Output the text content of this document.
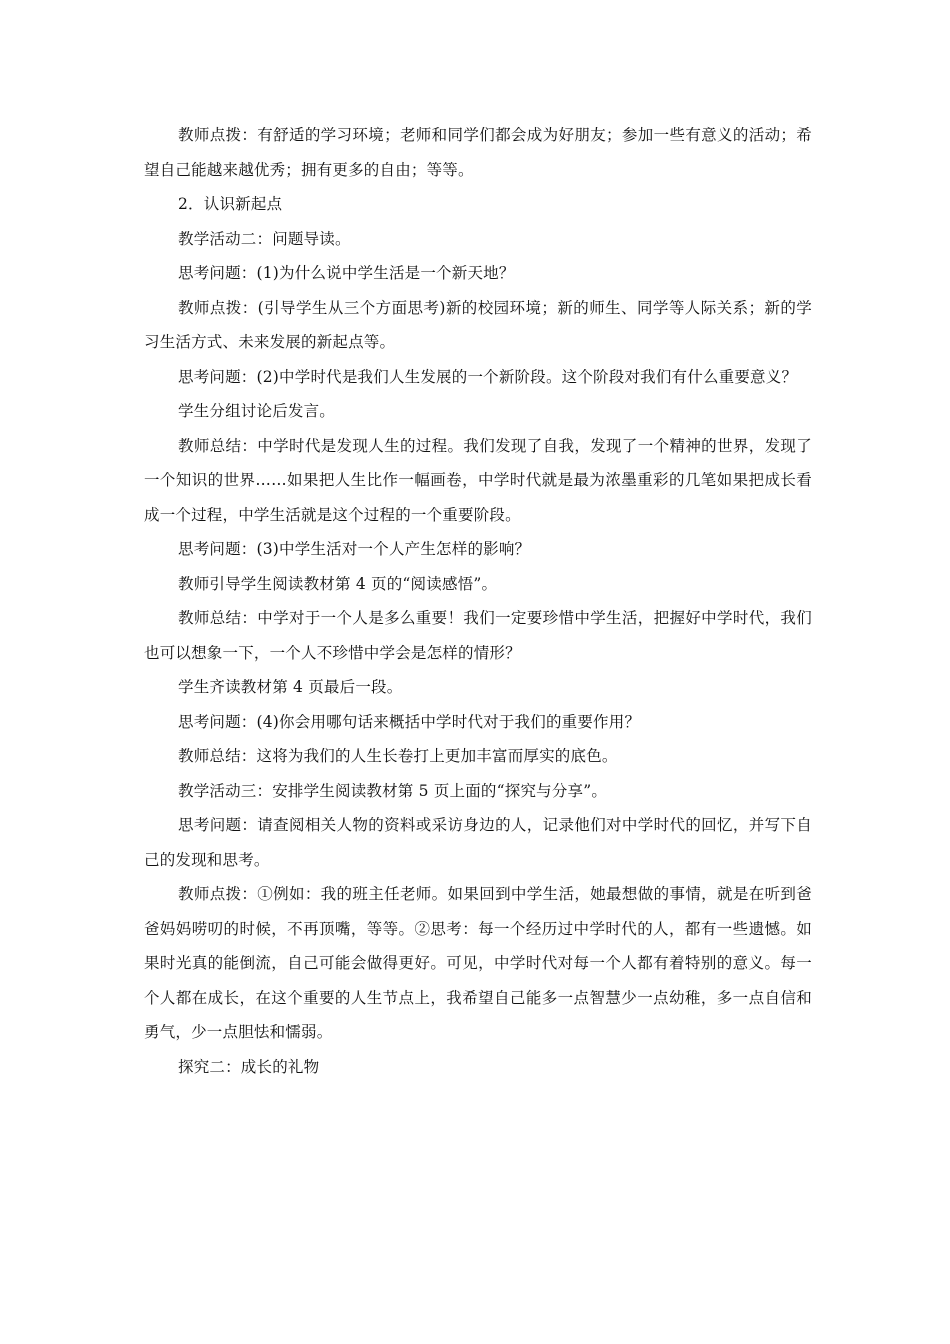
教师点拨：有舒适的学习环境；老师和同学们都会成为好朋友；参加一些有意义的活动；希望自己能越来越优秀；拥有更多的自由；等等。

2．认识新起点

教学活动二：问题导读。

思考问题：(1)为什么说中学生活是一个新天地？

教师点拨：(引导学生从三个方面思考)新的校园环境；新的师生、同学等人际关系；新的学习生活方式、未来发展的新起点等。

思考问题：(2)中学时代是我们人生发展的一个新阶段。这个阶段对我们有什么重要意义？

学生分组讨论后发言。

教师总结：中学时代是发现人生的过程。我们发现了自我，发现了一个精神的世界，发现了一个知识的世界……如果把人生比作一幅画卷，中学时代就是最为浓墨重彩的几笔如果把成长看成一个过程，中学生活就是这个过程的一个重要阶段。

思考问题：(3)中学生活对一个人产生怎样的影响？

教师引导学生阅读教材第 4 页的“阅读感悟”。

教师总结：中学对于一个人是多么重要！我们一定要珍惜中学生活，把握好中学时代，我们也可以想象一下，一个人不珍惜中学会是怎样的情形？

学生齐读教材第 4 页最后一段。

思考问题：(4)你会用哪句话来概括中学时代对于我们的重要作用？

教师总结：这将为我们的人生长卷打上更加丰富而厚实的底色。

教学活动三：安排学生阅读教材第 5 页上面的“探究与分享”。

思考问题：请查阅相关人物的资料或采访身边的人，记录他们对中学时代的回忆，并写下自己的发现和思考。

教师点拨：①例如：我的班主任老师。如果回到中学生活，她最想做的事情，就是在听到爸爸妈妈唠叨的时候，不再顶嘴，等等。②思考：每一个经历过中学时代的人，都有一些遗憾。如果时光真的能倒流，自己可能会做得更好。可见，中学时代对每一个人都有着特别的意义。每一个人都在成长，在这个重要的人生节点上，我希望自己能多一点智慧少一点幼稚，多一点自信和勇气，少一点胆怯和懦弱。

探究二：成长的礼物
